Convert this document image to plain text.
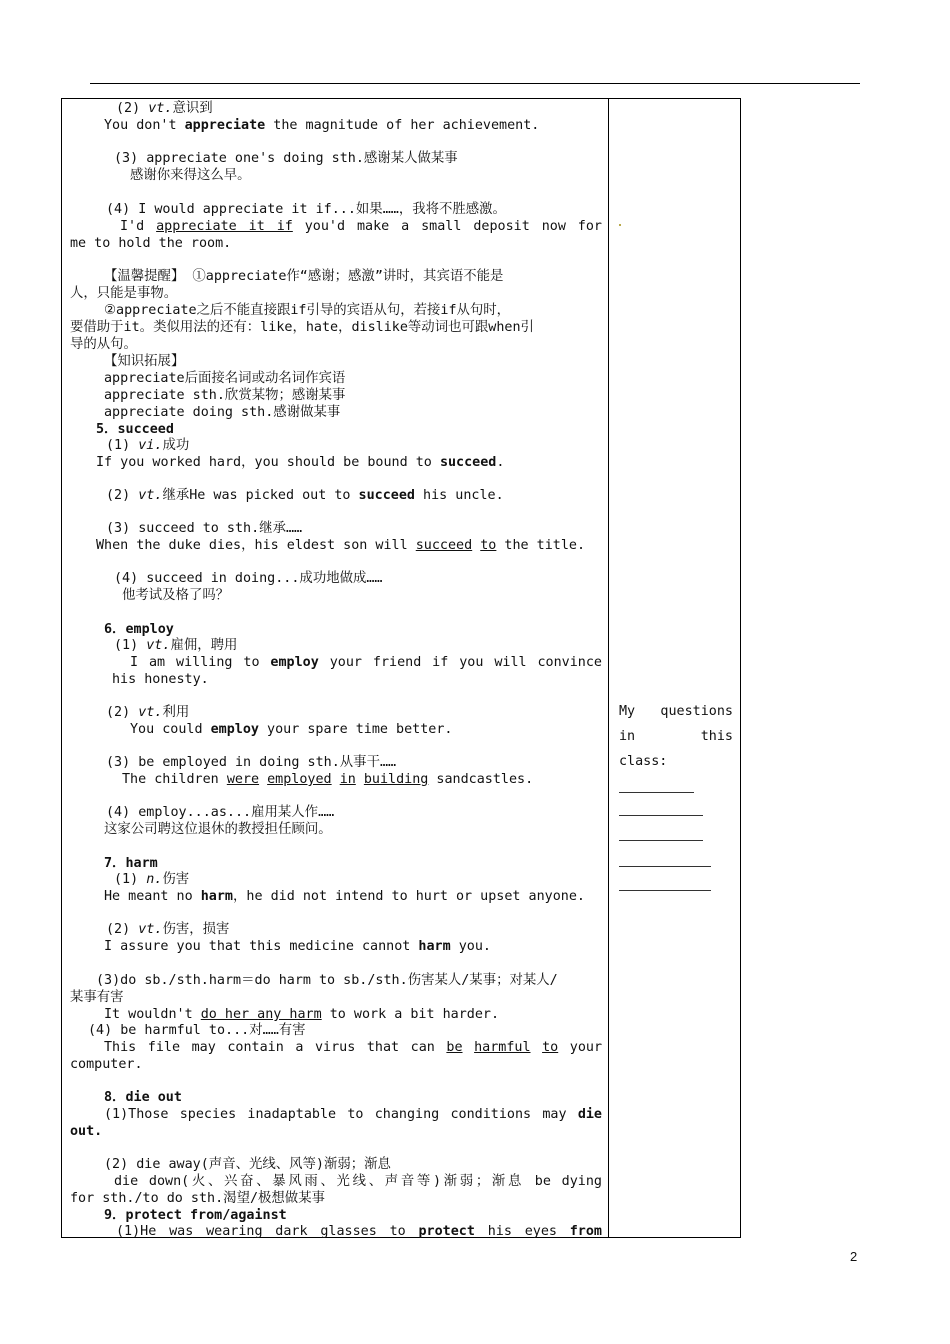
(2) vt.意识到
You don't appreciate the magnitude of her achievement.
(3) appreciate one's doing sth.感谢某人做某事
感谢你来得这么早。
(4) I would appreciate it if...如果……，我将不胜感激。
I'd appreciate it if you'd make a small deposit now for
me to hold the room.
【温馨提醒】 ①appreciate作“感谢；感激”讲时，其宾语不能是
人，只能是事物。
②appreciate之后不能直接跟if引导的宾语从句，若接if从句时，
要借助于it。类似用法的还有：like，hate，dislike等动词也可跟when引
导的从句。
【知识拓展】
appreciate后面接名词或动名词作宾语
appreciate sth.欣赏某物；感谢某事
appreciate doing sth.感谢做某事
5．succeed
(1) vi.成功
If you worked hard，you should be bound to succeed.
(2) vt.继承He was picked out to succeed his uncle.
(3) succeed to sth.继承……
When the duke dies，his eldest son will succeed to the title.
(4) succeed in doing...成功地做成……
他考试及格了吗？
6．employ
(1) vt.雇佣，聘用
I am willing to employ your friend if you will convince
his honesty.
(2) vt.利用
You could employ your spare time better.
(3) be employed in doing sth.从事干……
The children were employed in building sandcastles.
(4) employ...as...雇用某人作……
这家公司聘这位退休的教授担任顾问。
7．harm
(1) n.伤害
He meant no harm，he did not intend to hurt or upset anyone.
(2) vt.伤害，损害
I assure you that this medicine cannot harm you.
(3)do sb./sth.harm＝do harm to sb./sth.伤害某人/某事；对某人/
某事有害
It wouldn't do her any harm to work a bit harder.
(4) be harmful to...对……有害
This file may contain a virus that can be harmful to your
computer.
8．die out
(1)Those species inadaptable to changing conditions may die
out.
(2) die away(声音、光线、风等)渐弱；渐息
die down(火、兴奋、暴风雨、光线、声音等)渐弱；渐息 be dying
for sth./to do sth.渴望/极想做某事
9．protect from/against
(1)He was wearing dark glasses to protect his eyes from
My questions
in this
class:
2
